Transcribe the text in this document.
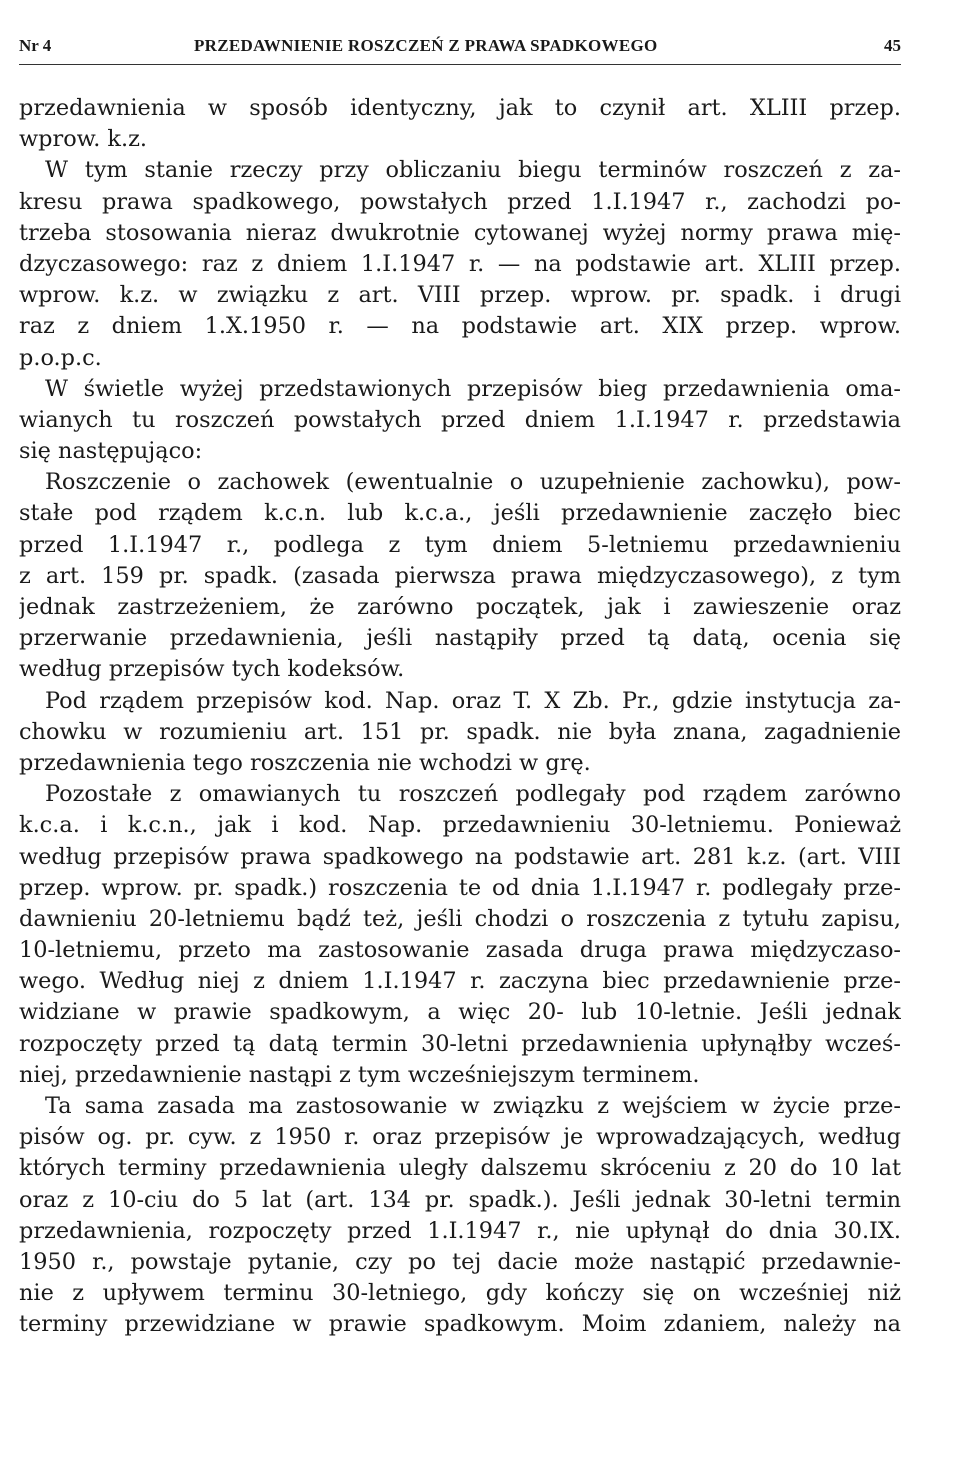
Nr 4	PRZEDAWNIENIE ROSZCZEŃ Z PRAWA SPADKOWEGO	45
przedawnienia w sposób identyczny, jak to czynił art. XLIII przep.
wprow. k.z.
W tym stanie rzeczy przy obliczaniu biegu terminów roszczeń z za-
kresu prawa spadkowego, powstałych przed 1.I.1947 r., zachodzi po-
trzeba stosowania nieraz dwukrotnie cytowanej wyżej normy prawa mię-
dzyczasowego: raz z dniem 1.I.1947 r. — na podstawie art. XLIII przep.
wprow. k.z. w związku z art. VIII przep. wprow. pr. spadk. i drugi
raz z dniem 1.X.1950 r. — na podstawie art. XIX przep. wprow.
p.o.p.c.
W świetle wyżej przedstawionych przepisów bieg przedawnienia oma-
wianych tu roszczeń powstałych przed dniem 1.I.1947 r. przedstawia
się następująco:
Roszczenie o zachowek (ewentualnie o uzupełnienie zachowku), pow-
stałe pod rządem k.c.n. lub k.c.a., jeśli przedawnienie zaczęło biec
przed 1.I.1947 r., podlega z tym dniem 5-letniemu przedawnieniu
z art. 159 pr. spadk. (zasada pierwsza prawa międzyczasowego), z tym
jednak zastrzeżeniem, że zarówno początek, jak i zawieszenie oraz
przerwanie przedawnienia, jeśli nastąpiły przed tą datą, ocenia się
według przepisów tych kodeksów.
Pod rządem przepisów kod. Nap. oraz T. X Zb. Pr., gdzie instytucja za-
chowku w rozumieniu art. 151 pr. spadk. nie była znana, zagadnienie
przedawnienia tego roszczenia nie wchodzi w grę.
Pozostałe z omawianych tu roszczeń podlegały pod rządem zarówno
k.c.a. i k.c.n., jak i kod. Nap. przedawnieniu 30-letniemu. Ponieważ
według przepisów prawa spadkowego na podstawie art. 281 k.z. (art. VIII
przep. wprow. pr. spadk.) roszczenia te od dnia 1.I.1947 r. podlegały prze-
dawnieniu 20-letniemu bądź też, jeśli chodzi o roszczenia z tytułu zapisu,
10-letniemu, przeto ma zastosowanie zasada druga prawa międzyczaso-
wego. Według niej z dniem 1.I.1947 r. zaczyna biec przedawnienie prze-
widziane w prawie spadkowym, a więc 20- lub 10-letnie. Jeśli jednak
rozpoczęty przed tą datą termin 30-letni przedawnienia upłynąłby wcześ-
niej, przedawnienie nastąpi z tym wcześniejszym terminem.
Ta sama zasada ma zastosowanie w związku z wejściem w życie prze-
pisów og. pr. cyw. z 1950 r. oraz przepisów je wprowadzających, według
których terminy przedawnienia uległy dalszemu skróceniu z 20 do 10 lat
oraz z 10-ciu do 5 lat (art. 134 pr. spadk.). Jeśli jednak 30-letni termin
przedawnienia, rozpoczęty przed 1.I.1947 r., nie upłynął do dnia 30.IX.
1950 r., powstaje pytanie, czy po tej dacie może nastąpić przedawnie-
nie z upływem terminu 30-letniego, gdy kończy się on wcześniej niż
terminy przewidziane w prawie spadkowym. Moim zdaniem, należy na
